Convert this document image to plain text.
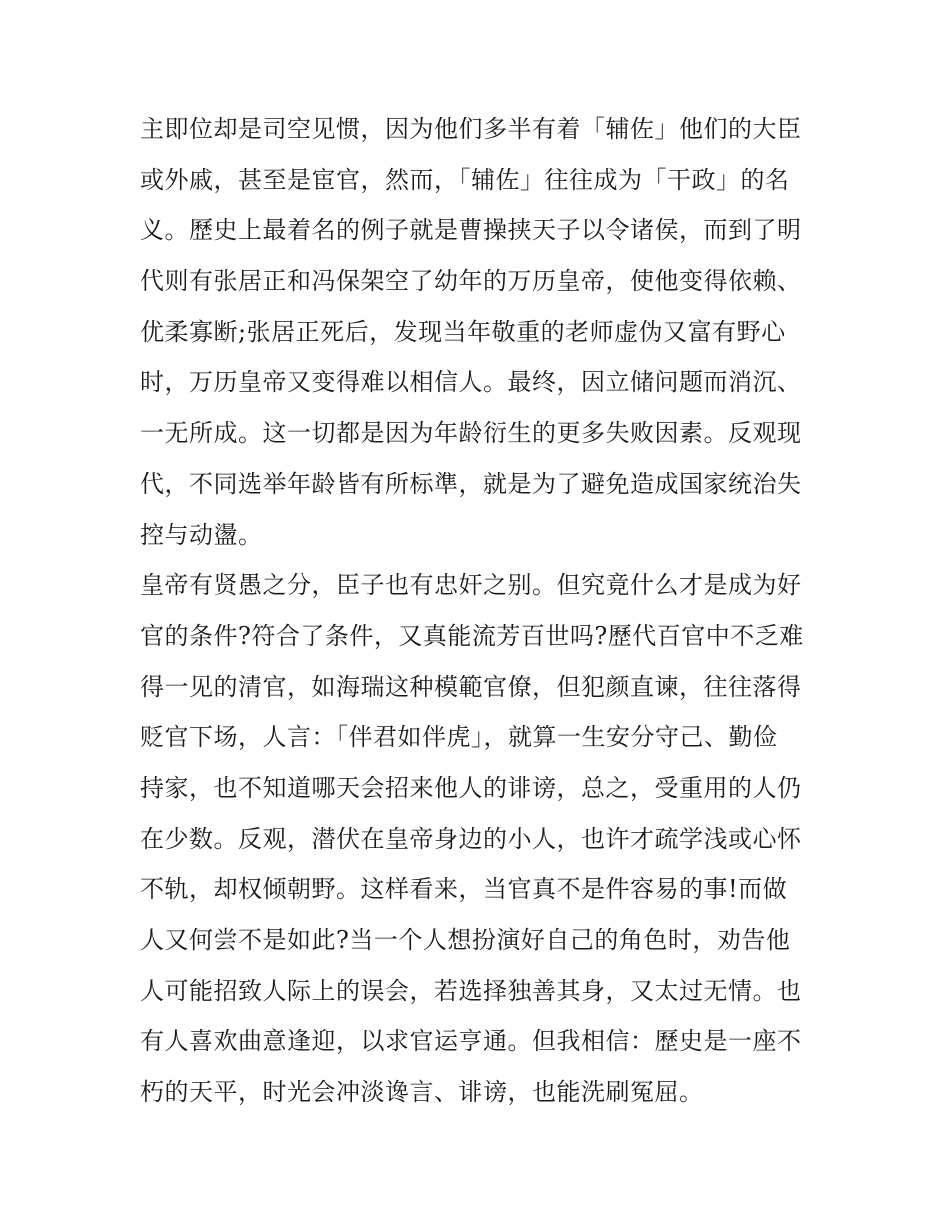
主即位却是司空见惯，因为他们多半有着「辅佐」他们的大臣
或外戚，甚至是宦官，然而，「辅佐」往往成为「干政」的名
义。歷史上最着名的例子就是曹操挟天子以令诸侯，而到了明
代则有张居正和冯保架空了幼年的万历皇帝，使他变得依赖、
优柔寡断;张居正死后，发现当年敬重的老师虚伪又富有野心
时，万历皇帝又变得难以相信人。最终，因立储问题而消沉、
一无所成。这一切都是因为年龄衍生的更多失败因素。反观现
代，不同选举年龄皆有所标準，就是为了避免造成国家统治失
控与动盪。
皇帝有贤愚之分，臣子也有忠奸之别。但究竟什么才是成为好
官的条件?符合了条件，又真能流芳百世吗?歷代百官中不乏难
得一见的清官，如海瑞这种模範官僚，但犯颜直谏，往往落得
贬官下场，人言：「伴君如伴虎」，就算一生安分守己、勤俭
持家，也不知道哪天会招来他人的诽谤，总之，受重用的人仍
在少数。反观，潜伏在皇帝身边的小人，也许才疏学浅或心怀
不轨，却权倾朝野。这样看来，当官真不是件容易的事!而做
人又何尝不是如此?当一个人想扮演好自己的角色时，劝告他
人可能招致人际上的误会，若选择独善其身，又太过无情。也
有人喜欢曲意逢迎，以求官运亨通。但我相信：歷史是一座不
朽的天平，时光会冲淡谗言、诽谤，也能洗刷冤屈。
